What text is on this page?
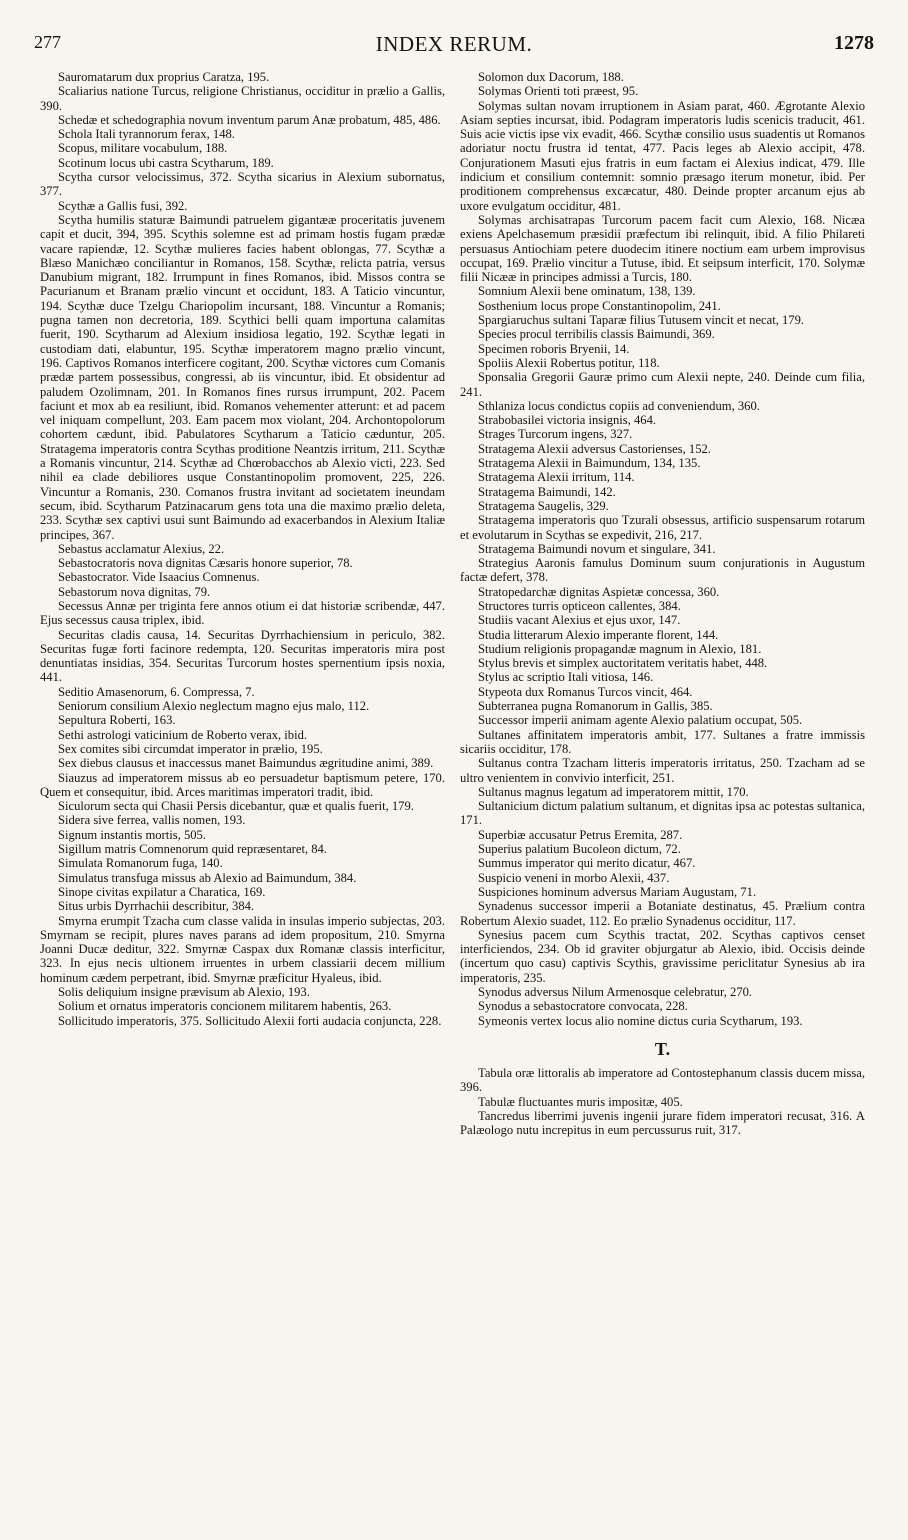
277	INDEX RERUM.	1278

Sauromatarum dux proprius Caratza, 195.

Scaliarius natione Turcus, religione Christianus, occiditur in prælio a Gallis, 390.

Schedæ et schedographia novum inventum parum Anæ probatum, 485, 486.

Schola Itali tyrannorum ferax, 148.

Scopus, militare vocabulum, 188.

Scotinum locus ubi castra Scytharum, 189.

Scytha cursor velocissimus, 372. Scytha sicarius in Alexium subornatus, 377.

Scythæ a Gallis fusi, 392.

Scytha humilis staturæ Baimundi patruelem gigantææ proceritatis juvenem capit et ducit, 394, 395. Scythis solemne est ad primam hostis fugam prædæ vacare rapiendæ, 12. Scythæ mulieres facies habent oblongas, 77. Scythæ a Blæso Manichæo conciliantur in Romanos, 158. Scythæ, relicta patria, versus Danubium migrant, 182. Irrumpunt in fines Romanos, ibid. Missos contra se Pacurianum et Branam prælio vincunt et occidunt, 183. A Taticio vincuntur, 194. Scythæ duce Tzelgu Chariopolim incursant, 188. Vincuntur a Romanis; pugna tamen non decretoria, 189. Scythici belli quam importuna calamitas fuerit, 190. Scytharum ad Alexium insidiosa legatio, 192. Scythæ legati in custodiam dati, elabuntur, 195. Scythæ imperatorem magno prælio vincunt, 196. Captivos Romanos interficere cogitant, 200. Scythæ victores cum Comanis prædæ partem possessibus, congressi, ab iis vincuntur, ibid. Et obsidentur ad paludem Ozolimnam, 201. In Romanos fines rursus irrumpunt, 202. Pacem faciunt et mox ab ea resiliunt, ibid. Romanos vehementer atterunt: et ad pacem vel iniquam compellunt, 203. Eam pacem mox violant, 204. Archontopolorum cohortem cædunt, ibid. Pabulatores Scytharum a Taticio cæduntur, 205. Stratagema imperatoris contra Scythas proditione Neantzis irritum, 211. Scythæ a Romanis vincuntur, 214. Scythæ ad Chœrobacchos ab Alexio victi, 223. Sed nihil ea clade debiliores usque Constantinopolim promovent, 225, 226. Vincuntur a Romanis, 230. Comanos frustra invitant ad societatem ineundam secum, ibid. Scytharum Patzinacarum gens tota una die maximo prælio deleta, 233. Scythæ sex captivi usui sunt Baimundo ad exacerbandos in Alexium Italiæ principes, 367.

Sebastus acclamatur Alexius, 22.

Sebastocratoris nova dignitas Cæsaris honore superior, 78.

Sebastocrator. Vide Isaacius Comnenus.

Sebastorum nova dignitas, 79.

Secessus Annæ per triginta fere annos otium ei dat historiæ scribendæ, 447. Ejus secessus causa triplex, ibid.

Securitas cladis causa, 14. Securitas Dyrrhachiensium in periculo, 382. Securitas fugæ forti facinore redempta, 120. Securitas imperatoris mira post denuntiatas insidias, 354. Securitas Turcorum hostes spernentium ipsis noxia, 441.

Seditio Amasenorum, 6. Compressa, 7.

Seniorum consilium Alexio neglectum magno ejus malo, 112.

Sepultura Roberti, 163.

Sethi astrologi vaticinium de Roberto verax, ibid.

Sex comites sibi circumdat imperator in prælio, 195.

Sex diebus clausus et inaccessus manet Baimundus ægritudine animi, 389.

Siauzus ad imperatorem missus ab eo persuadetur baptismum petere, 170. Quem et consequitur, ibid. Arces maritimas imperatori tradit, ibid.

Siculorum secta qui Chasii Persis dicebantur, quæ et qualis fuerit, 179.

Sidera sive ferrea, vallis nomen, 193.

Signum instantis mortis, 505.

Sigillum matris Comnenorum quid repræsentaret, 84.

Simulata Romanorum fuga, 140.

Simulatus transfuga missus ab Alexio ad Baimundum, 384.

Sinope civitas expilatur a Charatica, 169.

Situs urbis Dyrrhachii describitur, 384.

Smyrna erumpit Tzacha cum classe valida in insulas imperio subjectas, 203. Smyrnam se recipit, plures naves parans ad idem propositum, 210. Smyrna Joanni Ducæ deditur, 322. Smyrnæ Caspax dux Romanæ classis interficitur, 323. In ejus necis ultionem irruentes in urbem classiarii decem millium hominum cædem perpetrant, ibid. Smyrnæ præficitur Hyaleus, ibid.

Solis deliquium insigne prævisum ab Alexio, 193.

Solium et ornatus imperatoris concionem militarem habentis, 263.

Sollicitudo imperatoris, 375. Sollicitudo Alexii forti audacia conjuncta, 228.

Solomon dux Dacorum, 188.

Solymas Orienti toti præest, 95.

Solymas sultan novam irruptionem in Asiam parat, 460. Ægrotante Alexio Asiam septies incursat, ibid. Podagram imperatoris ludis scenicis traducit, 461. Suis acie victis ipse vix evadit, 466. Scythæ consilio usus suadentis ut Romanos adoriatur noctu frustra id tentat, 477. Pacis leges ab Alexio accipit, 478. Conjurationem Masuti ejus fratris in eum factam ei Alexius indicat, 479. Ille indicium et consilium contemnit: somnio præsago iterum monetur, ibid. Per proditionem comprehensus excæcatur, 480. Deinde propter arcanum ejus ab uxore evulgatum occiditur, 481.

Solymas archisatrapas Turcorum pacem facit cum Alexio, 168. Nicæa exiens Apelchasemum præsidii præfectum ibi relinquit, ibid. A filio Philareti persuasus Antiochiam petere duodecim itinere noctium eam urbem improvisus occupat, 169. Prælio vincitur a Tutuse, ibid. Et seipsum interficit, 170. Solymæ filii Nicææ in principes admissi a Turcis, 180.

Somnium Alexii bene ominatum, 138, 139.

Sosthenium locus prope Constantinopolim, 241.

Spargiaruchus sultani Taparæ filius Tutusem vincit et necat, 179.

Species procul terribilis classis Baimundi, 369.

Specimen roboris Bryenii, 14.

Spoliis Alexii Robertus potitur, 118.

Sponsalia Gregorii Gauræ primo cum Alexii nepte, 240. Deinde cum filia, 241.

Sthlaniza locus condictus copiis ad conveniendum, 360.

Strabobasilei victoria insignis, 464.

Strages Turcorum ingens, 327.

Stratagema Alexii adversus Castorienses, 152.

Stratagema Alexii in Baimundum, 134, 135.

Stratagema Alexii irritum, 114.

Stratagema Baimundi, 142.

Stratagema Saugelis, 329.

Stratagema imperatoris quo Tzurali obsessus, artificio suspensarum rotarum et evolutarum in Scythas se expedivit, 216, 217.

Stratagema Baimundi novum et singulare, 341.

Strategius Aaronis famulus Dominum suum conjurationis in Augustum factæ defert, 378.

Stratopedarchæ dignitas Aspietæ concessa, 360.

Structores turris opticeon callentes, 384.

Studiis vacant Alexius et ejus uxor, 147.

Studia litterarum Alexio imperante florent, 144.

Studium religionis propagandæ magnum in Alexio, 181.

Stylus brevis et simplex auctoritatem veritatis habet, 448.

Stylus ac scriptio Itali vitiosa, 146.

Stypeota dux Romanus Turcos vincit, 464.

Subterranea pugna Romanorum in Gallis, 385.

Successor imperii animam agente Alexio palatium occupat, 505.

Sultanes affinitatem imperatoris ambit, 177. Sultanes a fratre immissis sicariis occiditur, 178.

Sultanus contra Tzacham litteris imperatoris irritatus, 250. Tzacham ad se ultro venientem in convivio interficit, 251.

Sultanus magnus legatum ad imperatorem mittit, 170.

Sultanicium dictum palatium sultanum, et dignitas ipsa ac potestas sultanica, 171.

Superbiæ accusatur Petrus Eremita, 287.

Superius palatium Bucoleon dictum, 72.

Summus imperator qui merito dicatur, 467.

Suspicio veneni in morbo Alexii, 437.

Suspiciones hominum adversus Mariam Augustam, 71.

Synadenus successor imperii a Botaniate destinatus, 45. Prælium contra Robertum Alexio suadet, 112. Eo prælio Synadenus occiditur, 117.

Synesius pacem cum Scythis tractat, 202. Scythas captivos censet interficiendos, 234. Ob id graviter objurgatur ab Alexio, ibid. Occisis deinde (incertum quo casu) captivis Scythis, gravissime periclitatur Synesius ab ira imperatoris, 235.

Synodus adversus Nilum Armenosque celebratur, 270.

Synodus a sebastocratore convocata, 228.

Symeonis vertex locus alio nomine dictus curia Scytharum, 193.

T.

Tabula oræ littoralis ab imperatore ad Contostephanum classis ducem missa, 396.

Tabulæ fluctuantes muris impositæ, 405.

Tancredus liberrimi juvenis ingenii jurare fidem imperatori recusat, 316. A Palæologo nutu increpitus in eum percussurus ruit, 317.
